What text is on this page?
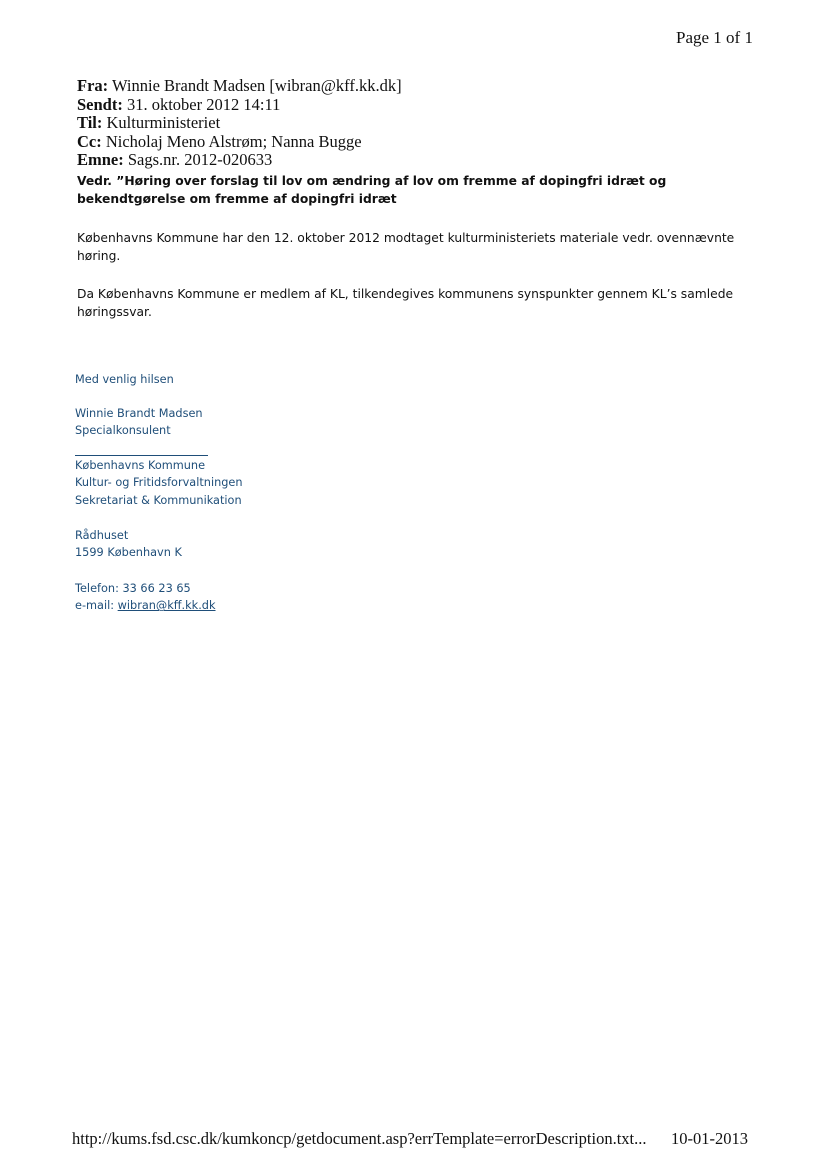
Page 1 of 1
Fra: Winnie Brandt Madsen [wibran@kff.kk.dk]
Sendt: 31. oktober 2012 14:11
Til: Kulturministeriet
Cc: Nicholaj Meno Alstrøm; Nanna Bugge
Emne: Sags.nr. 2012-020633
Vedr. ”Høring over forslag til lov om ændring af lov om fremme af dopingfri idræt og bekendtgørelse om fremme af dopingfri idræt
Københavns Kommune har den 12. oktober 2012 modtaget kulturministeriets materiale vedr. ovennævnte høring.
Da Københavns Kommune er medlem af KL, tilkendegives kommunens synspunkter gennem KL’s samlede høringssvar.
Med venlig hilsen
Winnie Brandt Madsen
Specialkonsulent
Københavns Kommune
Kultur- og Fritidsforvaltningen
Sekretariat & Kommunikation
Rådhuset
1599 København K
Telefon: 33 66 23 65
e-mail: wibran@kff.kk.dk
http://kums.fsd.csc.dk/kumkoncp/getdocument.asp?errTemplate=errorDescription.txt... 10-01-2013
